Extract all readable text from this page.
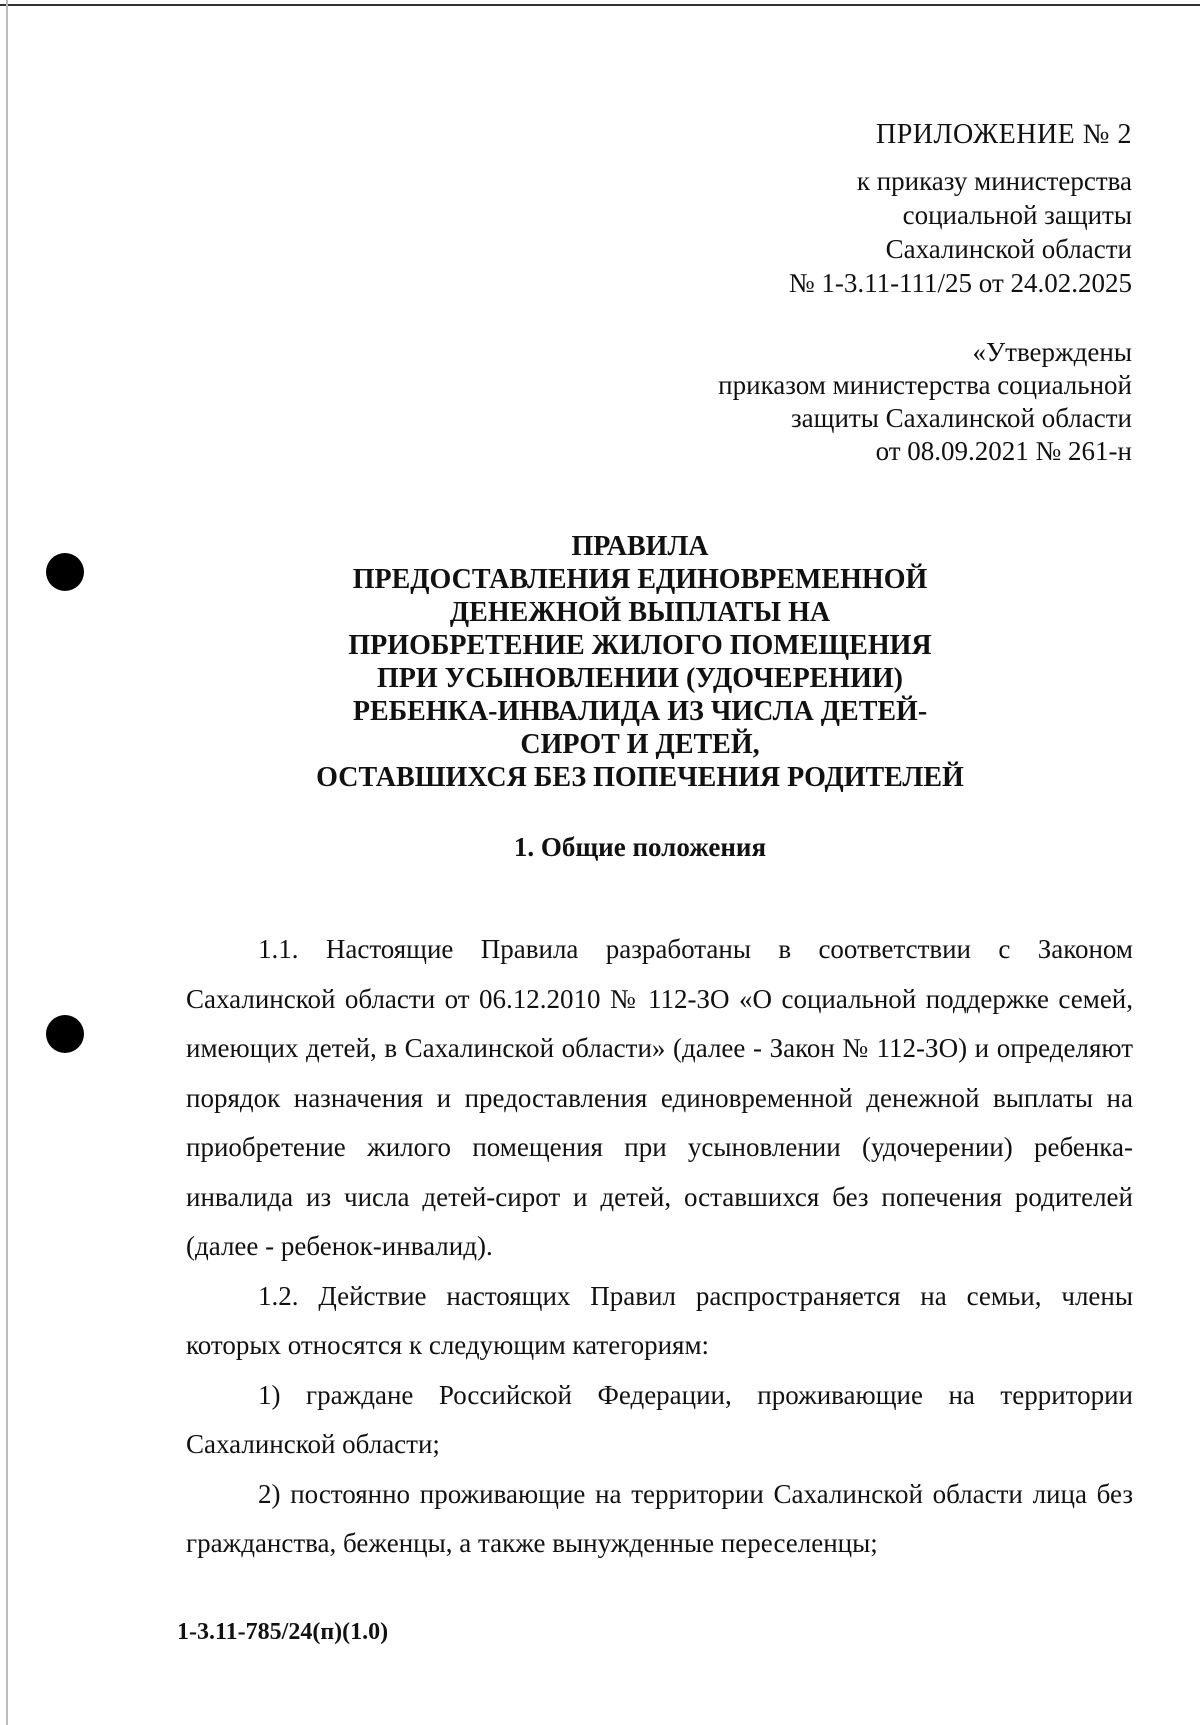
ПРИЛОЖЕНИЕ № 2
к приказу министерства
социальной защиты
Сахалинской области
№ 1-3.11-111/25 от 24.02.2025
«Утверждены
приказом министерства социальной
защиты Сахалинской области
от 08.09.2021 № 261-н
ПРАВИЛА
ПРЕДОСТАВЛЕНИЯ ЕДИНОВРЕМЕННОЙ
ДЕНЕЖНОЙ ВЫПЛАТЫ НА
ПРИОБРЕТЕНИЕ ЖИЛОГО ПОМЕЩЕНИЯ
ПРИ УСЫНОВЛЕНИИ (УДОЧЕРЕНИИ)
РЕБЕНКА-ИНВАЛИДА ИЗ ЧИСЛА ДЕТЕЙ-
СИРОТ И ДЕТЕЙ,
ОСТАВШИХСЯ БЕЗ ПОПЕЧЕНИЯ РОДИТЕЛЕЙ
1. Общие положения

1.1. Настоящие Правила разработаны в соответствии с Законом Сахалинской области от 06.12.2010 № 112-ЗО «О социальной поддержке семей, имеющих детей, в Сахалинской области» (далее - Закон № 112-ЗО) и определяют порядок назначения и предоставления единовременной денежной выплаты на приобретение жилого помещения при усыновлении (удочерении) ребенка-инвалида из числа детей-сирот и детей, оставшихся без попечения родителей (далее - ребенок-инвалид).

1.2. Действие настоящих Правил распространяется на семьи, члены которых относятся к следующим категориям:

1) граждане Российской Федерации, проживающие на территории Сахалинской области;

2) постоянно проживающие на территории Сахалинской области лица без гражданства, беженцы, а также вынужденные переселенцы;

1-3.11-785/24(п)(1.0)
